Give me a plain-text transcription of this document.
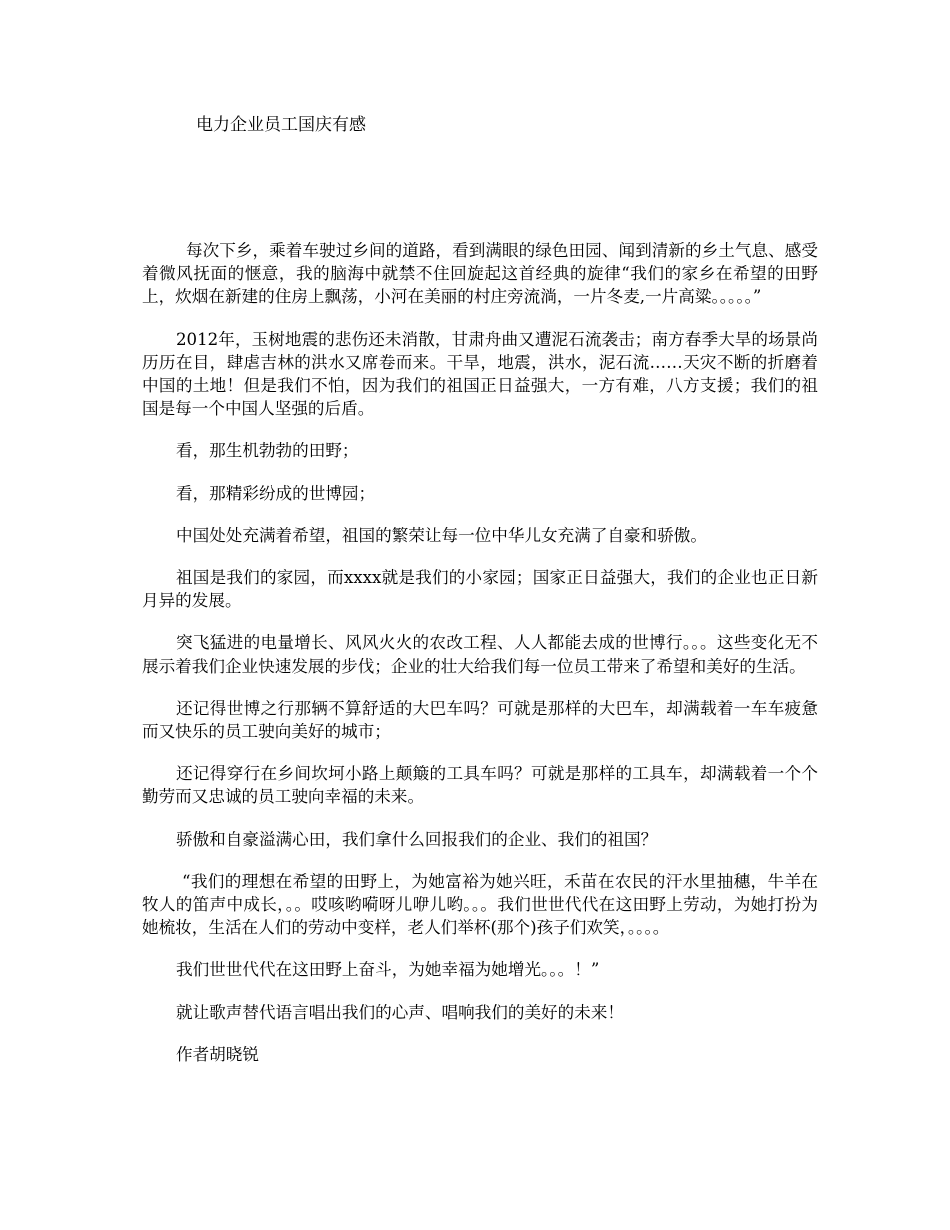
电力企业员工国庆有感

每次下乡，乘着车驶过乡间的道路，看到满眼的绿色田园、闻到清新的乡土气息、感受着微风抚面的惬意，我的脑海中就禁不住回旋起这首经典的旋律“我们的家乡在希望的田野上，炊烟在新建的住房上飘荡，小河在美丽的村庄旁流淌，一片冬麦,一片高粱。。。。。”

2012年，玉树地震的悲伤还未消散，甘肃舟曲又遭泥石流袭击；南方春季大旱的场景尚历历在目，肆虐吉林的洪水又席卷而来。干旱，地震，洪水，泥石流……天灾不断的折磨着中国的土地！但是我们不怕，因为我们的祖国正日益强大，一方有难，八方支援；我们的祖国是每一个中国人坚强的后盾。

看，那生机勃勃的田野；

看，那精彩纷成的世博园；

中国处处充满着希望，祖国的繁荣让每一位中华儿女充满了自豪和骄傲。

祖国是我们的家园，而xxxx就是我们的小家园；国家正日益强大，我们的企业也正日新月异的发展。

突飞猛进的电量增长、风风火火的农改工程、人人都能去成的世博行。。。这些变化无不展示着我们企业快速发展的步伐；企业的壮大给我们每一位员工带来了希望和美好的生活。

还记得世博之行那辆不算舒适的大巴车吗？可就是那样的大巴车，却满载着一车车疲惫而又快乐的员工驶向美好的城市；

还记得穿行在乡间坎坷小路上颠簸的工具车吗？可就是那样的工具车，却满载着一个个勤劳而又忠诚的员工驶向幸福的未来。

骄傲和自豪溢满心田，我们拿什么回报我们的企业、我们的祖国？

“我们的理想在希望的田野上，为她富裕为她兴旺，禾苗在农民的汗水里抽穗，牛羊在牧人的笛声中成长，。。哎咳哟嗬呀儿咿儿哟。。。我们世世代代在这田野上劳动，为她打扮为她梳妆，生活在人们的劳动中变样，老人们举杯(那个)孩子们欢笑，。。。。

我们世世代代在这田野上奋斗，为她幸福为她增光。。。！”

就让歌声替代语言唱出我们的心声、唱响我们的美好的未来！

作者胡晓锐
